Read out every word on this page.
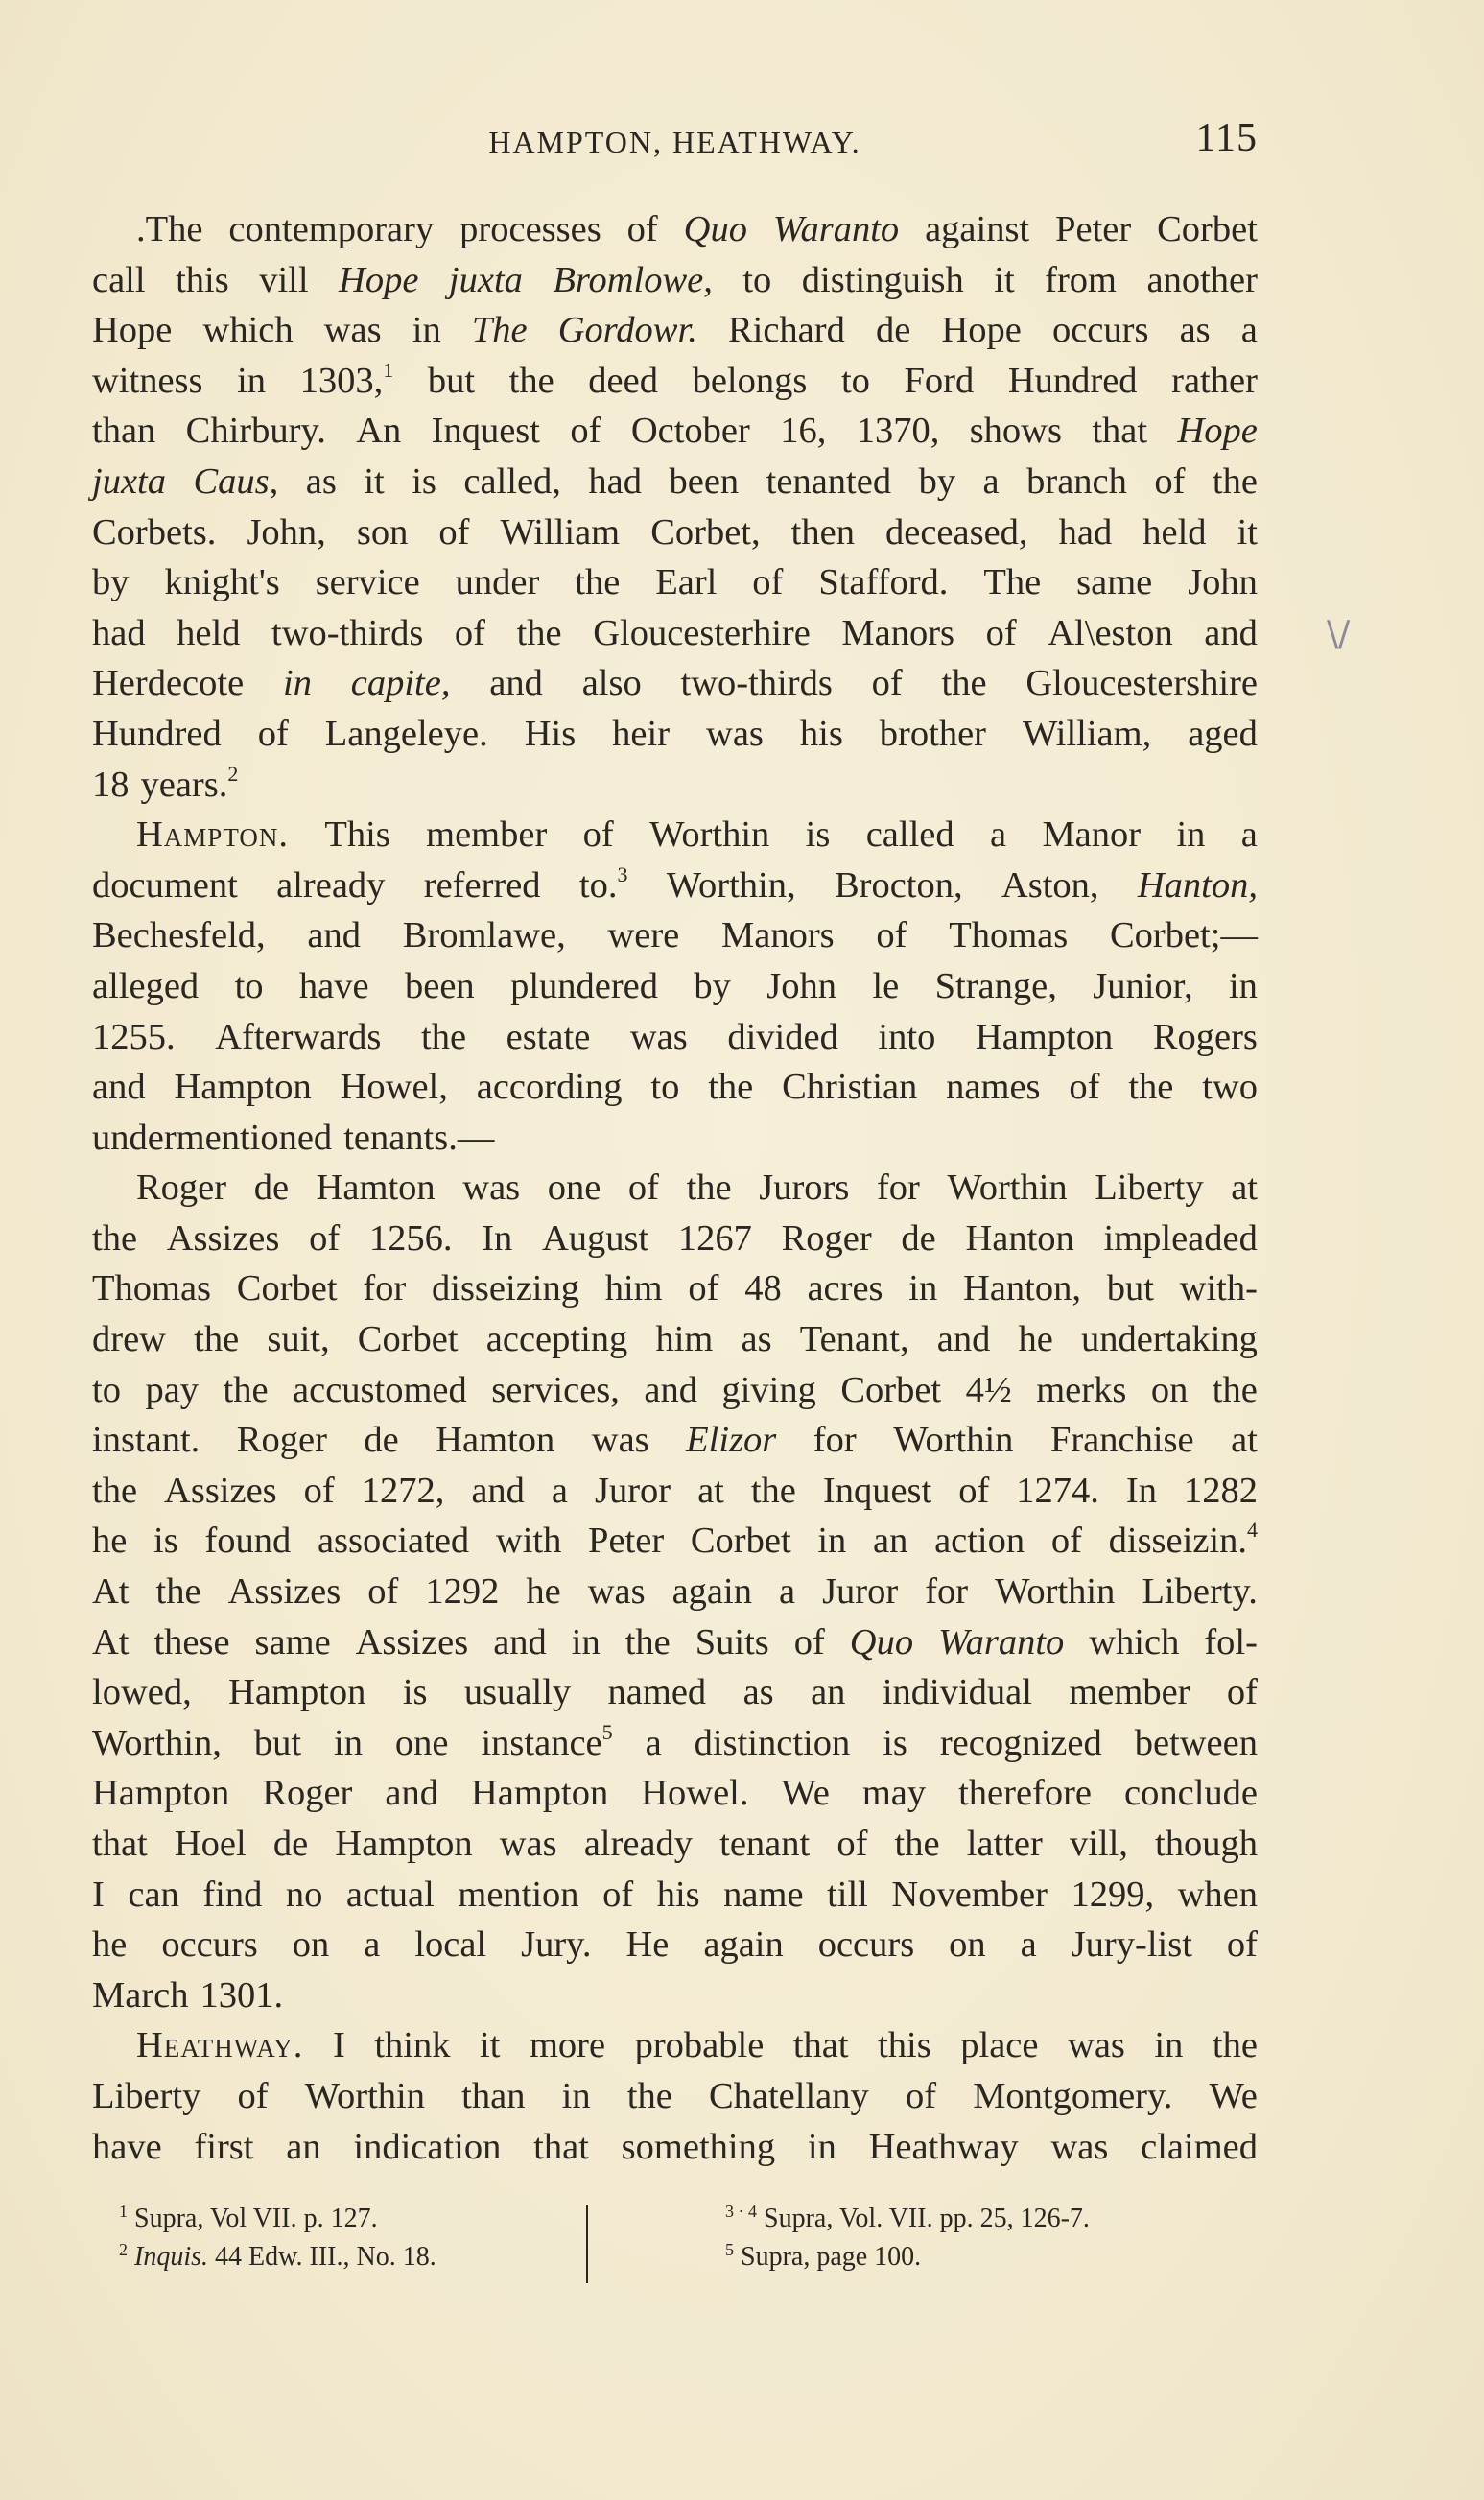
HAMPTON, HEATHWAY.	115
\/
.The contemporary processes of Quo Waranto against Peter Corbet
call this vill Hope juxta Bromlowe, to distinguish it from another
Hope which was in The Gordowr. Richard de Hope occurs as a
witness in 1303,$^1$ but the deed belongs to Ford Hundred rather
than Chirbury. An Inquest of October 16, 1370, shows that Hope
juxta Caus, as it is called, had been tenanted by a branch of the
Corbets. John, son of William Corbet, then deceased, had held it
by knight's service under the Earl of Stafford. The same John
had held two-thirds of the Gloucesterhire Manors of Al\eston and
Herdecote in capite, and also two-thirds of the Gloucestershire
Hundred of Langeleye. His heir was his brother William, aged
18 years.$^2$
Hampton. This member of Worthin is called a Manor in a
document already referred to.$^3$ Worthin, Brocton, Aston, Hanton,
Bechesfeld, and Bromlawe, were Manors of Thomas Corbet;—
alleged to have been plundered by John le Strange, Junior, in
1255. Afterwards the estate was divided into Hampton Rogers
and Hampton Howel, according to the Christian names of the two
undermentioned tenants.—
Roger de Hamton was one of the Jurors for Worthin Liberty at
the Assizes of 1256. In August 1267 Roger de Hanton impleaded
Thomas Corbet for disseizing him of 48 acres in Hanton, but with-
drew the suit, Corbet accepting him as Tenant, and he undertaking
to pay the accustomed services, and giving Corbet 4½ merks on the
instant. Roger de Hamton was Elizor for Worthin Franchise at
the Assizes of 1272, and a Juror at the Inquest of 1274. In 1282
he is found associated with Peter Corbet in an action of disseizin.$^4$
At the Assizes of 1292 he was again a Juror for Worthin Liberty.
At these same Assizes and in the Suits of Quo Waranto which fol-
lowed, Hampton is usually named as an individual member of
Worthin, but in one instance$^5$ a distinction is recognized between
Hampton Roger and Hampton Howel. We may therefore conclude
that Hoel de Hampton was already tenant of the latter vill, though
I can find no actual mention of his name till November 1299, when
he occurs on a local Jury. He again occurs on a Jury-list of
March 1301.
Heathway. I think it more probable that this place was in the
Liberty of Worthin than in the Chatellany of Montgomery. We
have first an indication that something in Heathway was claimed
$^1$ Supra, Vol VII. p. 127.
$^2$ Inquis. 44 Edw. III., No. 18.
$^{3 \cdot 4}$ Supra, Vol. VII. pp. 25, 126-7.
$^5$ Supra, page 100.
